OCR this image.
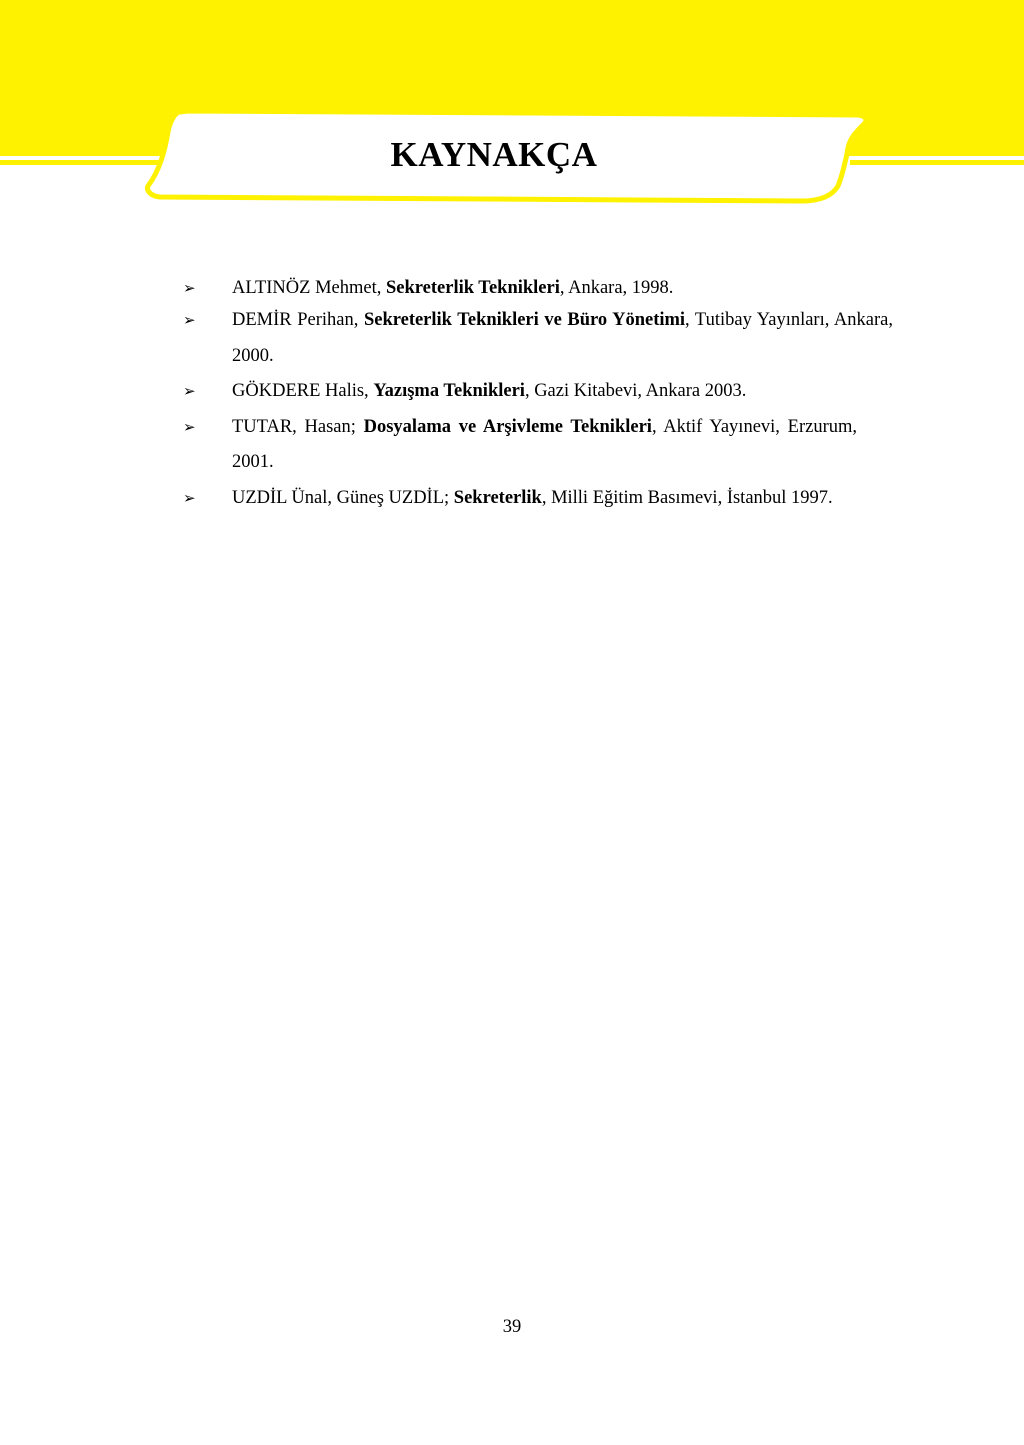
KAYNAKÇA
➢ ALTINÖZ Mehmet, Sekreterlik Teknikleri, Ankara, 1998.
➢ DEMİR Perihan, Sekreterlik Teknikleri ve Büro Yönetimi, Tutibay Yayınları, Ankara, 2000.
➢ GÖKDERE Halis, Yazışma Teknikleri, Gazi Kitabevi, Ankara 2003.
➢ TUTAR, Hasan; Dosyalama ve Arşivleme Teknikleri, Aktif Yayınevi, Erzurum, 2001.
➢ UZDİL Ünal, Güneş UZDİL; Sekreterlik, Milli Eğitim Basımevi, İstanbul 1997.
39
